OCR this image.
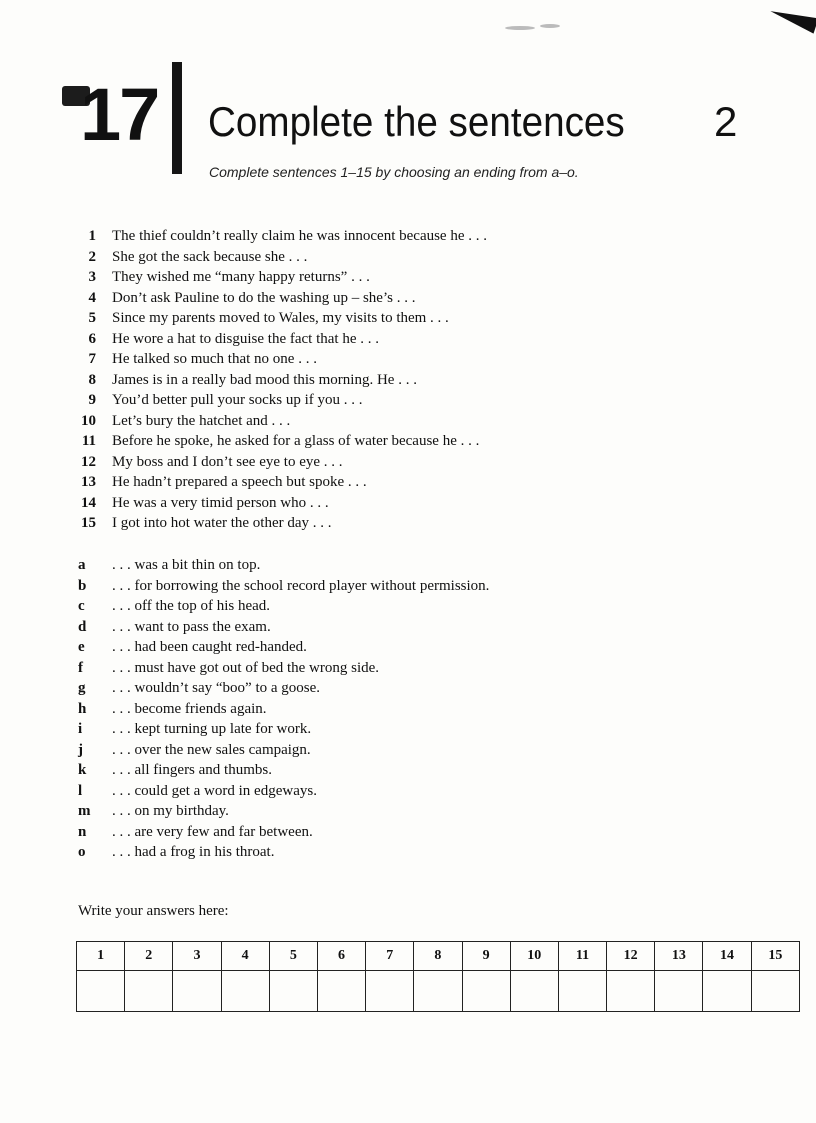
17 Complete the sentences 2
Complete sentences 1–15 by choosing an ending from a–o.
1 The thief couldn’t really claim he was innocent because he . . .
2 She got the sack because she . . .
3 They wished me “many happy returns” . . .
4 Don’t ask Pauline to do the washing up – she’s . . .
5 Since my parents moved to Wales, my visits to them . . .
6 He wore a hat to disguise the fact that he . . .
7 He talked so much that no one . . .
8 James is in a really bad mood this morning. He . . .
9 You’d better pull your socks up if you . . .
10 Let’s bury the hatchet and . . .
11 Before he spoke, he asked for a glass of water because he . . .
12 My boss and I don’t see eye to eye . . .
13 He hadn’t prepared a speech but spoke . . .
14 He was a very timid person who . . .
15 I got into hot water the other day . . .
a	. . . was a bit thin on top.
b	. . . for borrowing the school record player without permission.
c	. . . off the top of his head.
d	. . . want to pass the exam.
e	. . . had been caught red-handed.
f	. . . must have got out of bed the wrong side.
g	. . . wouldn’t say “boo” to a goose.
h	. . . become friends again.
i	. . . kept turning up late for work.
j	. . . over the new sales campaign.
k	. . . all fingers and thumbs.
l	. . . could get a word in edgeways.
m	. . . on my birthday.
n	. . . are very few and far between.
o	. . . had a frog in his throat.
Write your answers here:
1	2	3	4	5	6	7	8	9	10	11	12	13	14	15
